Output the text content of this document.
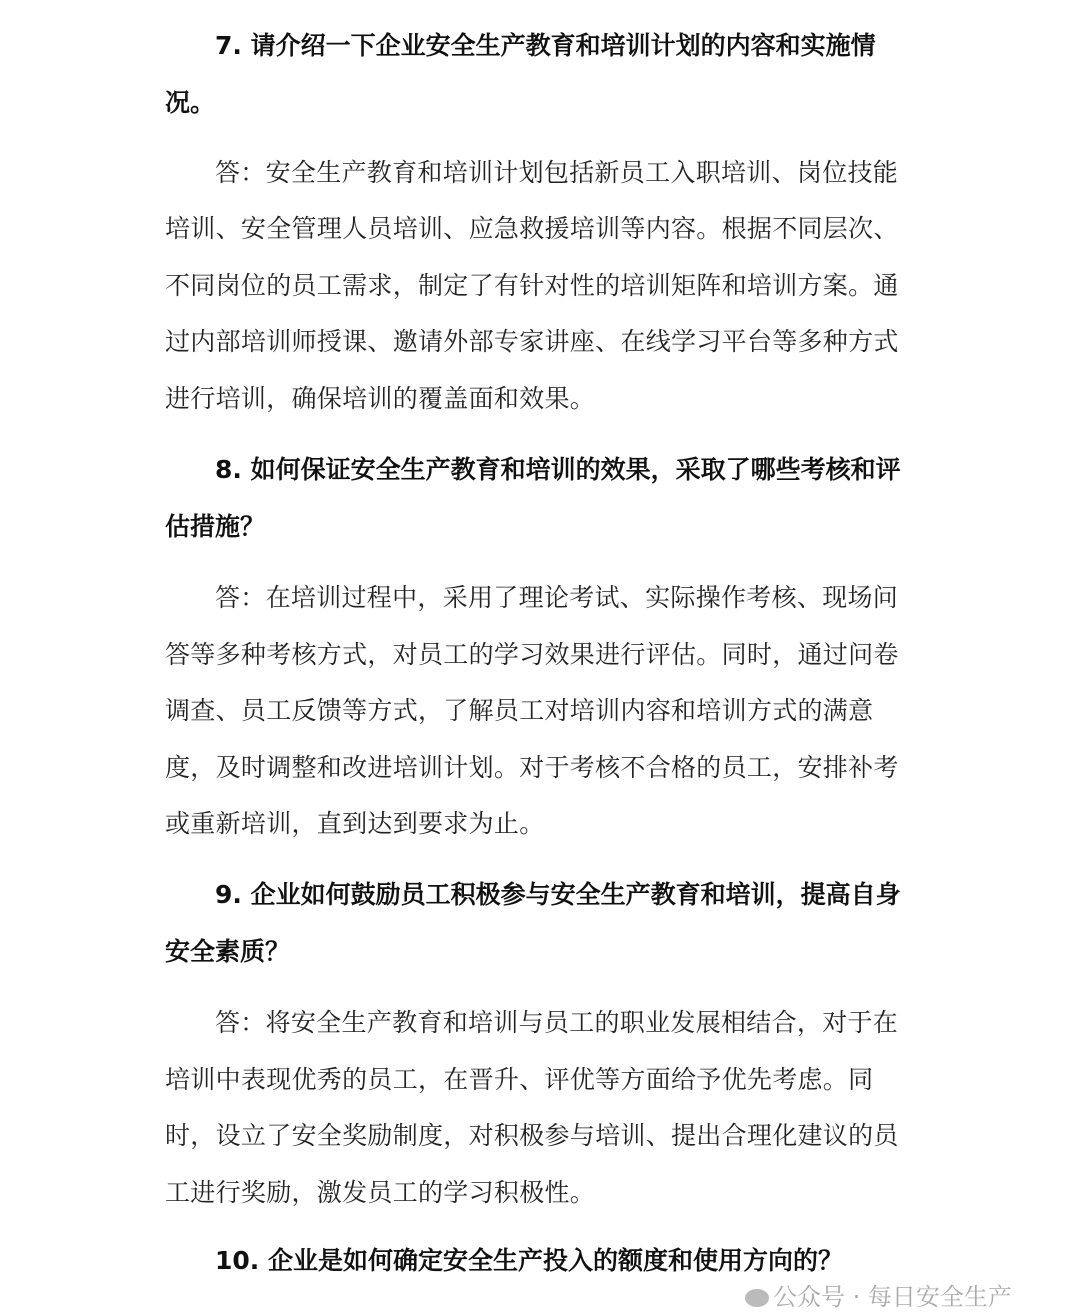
7. 请介绍一下企业安全生产教育和培训计划的内容和实施情
况。
答：安全生产教育和培训计划包括新员工入职培训、岗位技能
培训、安全管理人员培训、应急救援培训等内容。根据不同层次、
不同岗位的员工需求，制定了有针对性的培训矩阵和培训方案。通
过内部培训师授课、邀请外部专家讲座、在线学习平台等多种方式
进行培训，确保培训的覆盖面和效果。
8. 如何保证安全生产教育和培训的效果，采取了哪些考核和评
估措施？
答：在培训过程中，采用了理论考试、实际操作考核、现场问
答等多种考核方式，对员工的学习效果进行评估。同时，通过问卷
调查、员工反馈等方式，了解员工对培训内容和培训方式的满意
度，及时调整和改进培训计划。对于考核不合格的员工，安排补考
或重新培训，直到达到要求为止。
9. 企业如何鼓励员工积极参与安全生产教育和培训，提高自身
安全素质？
答：将安全生产教育和培训与员工的职业发展相结合，对于在
培训中表现优秀的员工，在晋升、评优等方面给予优先考虑。同
时，设立了安全奖励制度，对积极参与培训、提出合理化建议的员
工进行奖励，激发员工的学习积极性。
10. 企业是如何确定安全生产投入的额度和使用方向的？
公众号 · 每日安全生产
